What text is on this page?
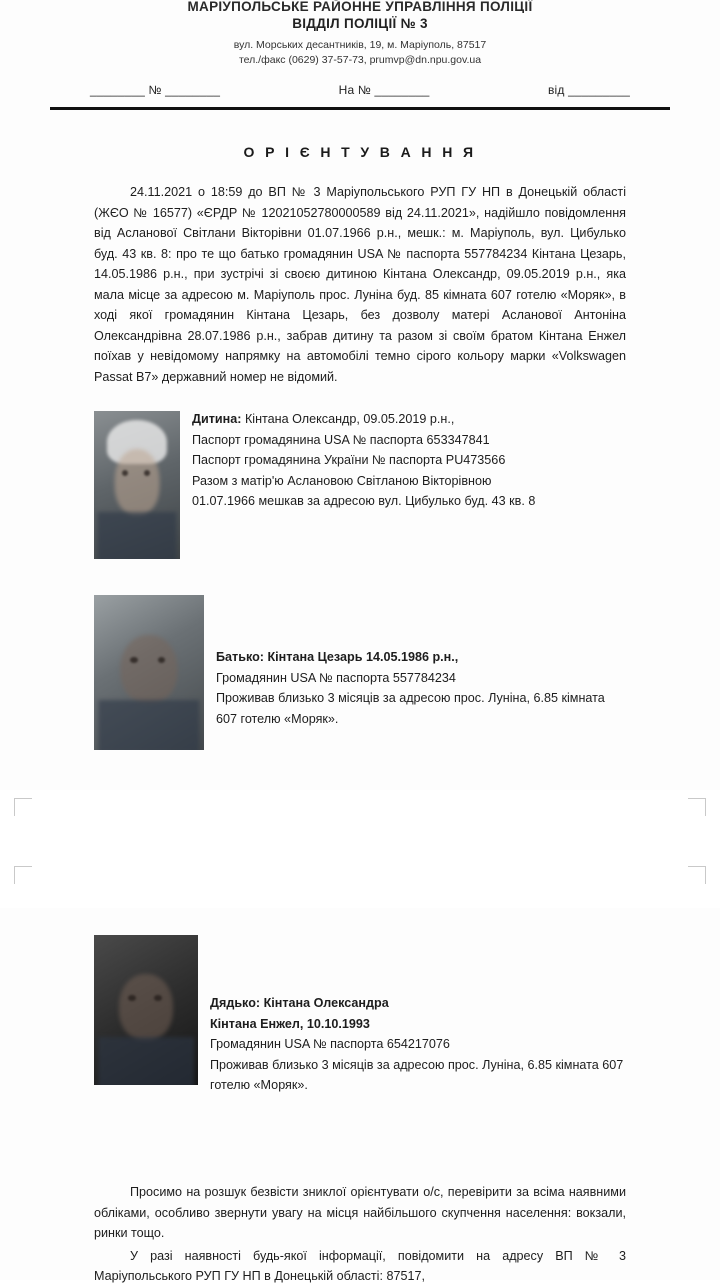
МАРІУПОЛЬСЬКЕ РАЙОННЕ УПРАВЛІННЯ ПОЛІЦІЇ
ВІДДІЛ ПОЛІЦІЇ № 3
вул. Морських десантників, 19, м. Маріуполь, 87517
тел./факс (0629) 37-57-73, prumvp@dn.npu.gov.ua
________ № ________	На № ________	від _________
О Р І Є Н Т У В А Н Н Я

24.11.2021 о 18:59 до ВП № 3 Маріупольського РУП ГУ НП в Донецькій області (ЖЄО № 16577) «ЄРДР № 12021052780000589 від 24.11.2021», надійшло повідомлення від Асланової Світлани Вікторівни 01.07.1966 р.н., мешк.: м. Маріуполь, вул. Цибулько буд. 43 кв. 8: про те що батько громадянин USA № паспорта 557784234 Кінтана Цезарь, 14.05.1986 р.н., при зустрічі зі своєю дитиною Кінтана Олександр, 09.05.2019 р.н., яка мала місце за адресою м. Маріуполь прос. Луніна буд. 85 кімната 607 готелю «Моряк», в ході якої громадянин Кінтана Цезарь, без дозволу матері Асланової Антоніна Олександрівна 28.07.1986 р.н., забрав дитину та разом зі своїм братом Кінтана Енжел поїхав у невідомому напрямку на автомобілі темно сірого кольору марки «Volkswagen Passat B7» державний номер не відомий.

Дитина: Кінтана Олександр, 09.05.2019 р.н.,
Паспорт громадянина USA № паспорта 653347841
Паспорт громадянина України № паспорта PU473566
Разом з матір'ю Аслановою Світланою Вікторівною
01.07.1966 мешкав за адресою вул. Цибулько буд. 43 кв. 8
Батько: Кінтана Цезарь 14.05.1986 р.н.,
Громадянин USA № паспорта 557784234
Проживав близько 3 місяців за адресою прос. Луніна, 6.85 кімната 607 готелю «Моряк».
Дядько: Кінтана Олександра
Кінтана Енжел, 10.10.1993
Громадянин USA № паспорта 654217076
Проживав близько 3 місяців за адресою прос. Луніна, 6.85 кімната 607 готелю «Моряк».

Просимо на розшук безвісти зниклої орієнтувати о/с, перевірити за всіма наявними обліками, особливо звернути увагу на місця найбільшого скупчення населення: вокзали, ринки тощо.

У разі наявності будь-якої інформації, повідомити на адресу ВП № 3 Маріупольського РУП ГУ НП в Донецькій області: 87517,
